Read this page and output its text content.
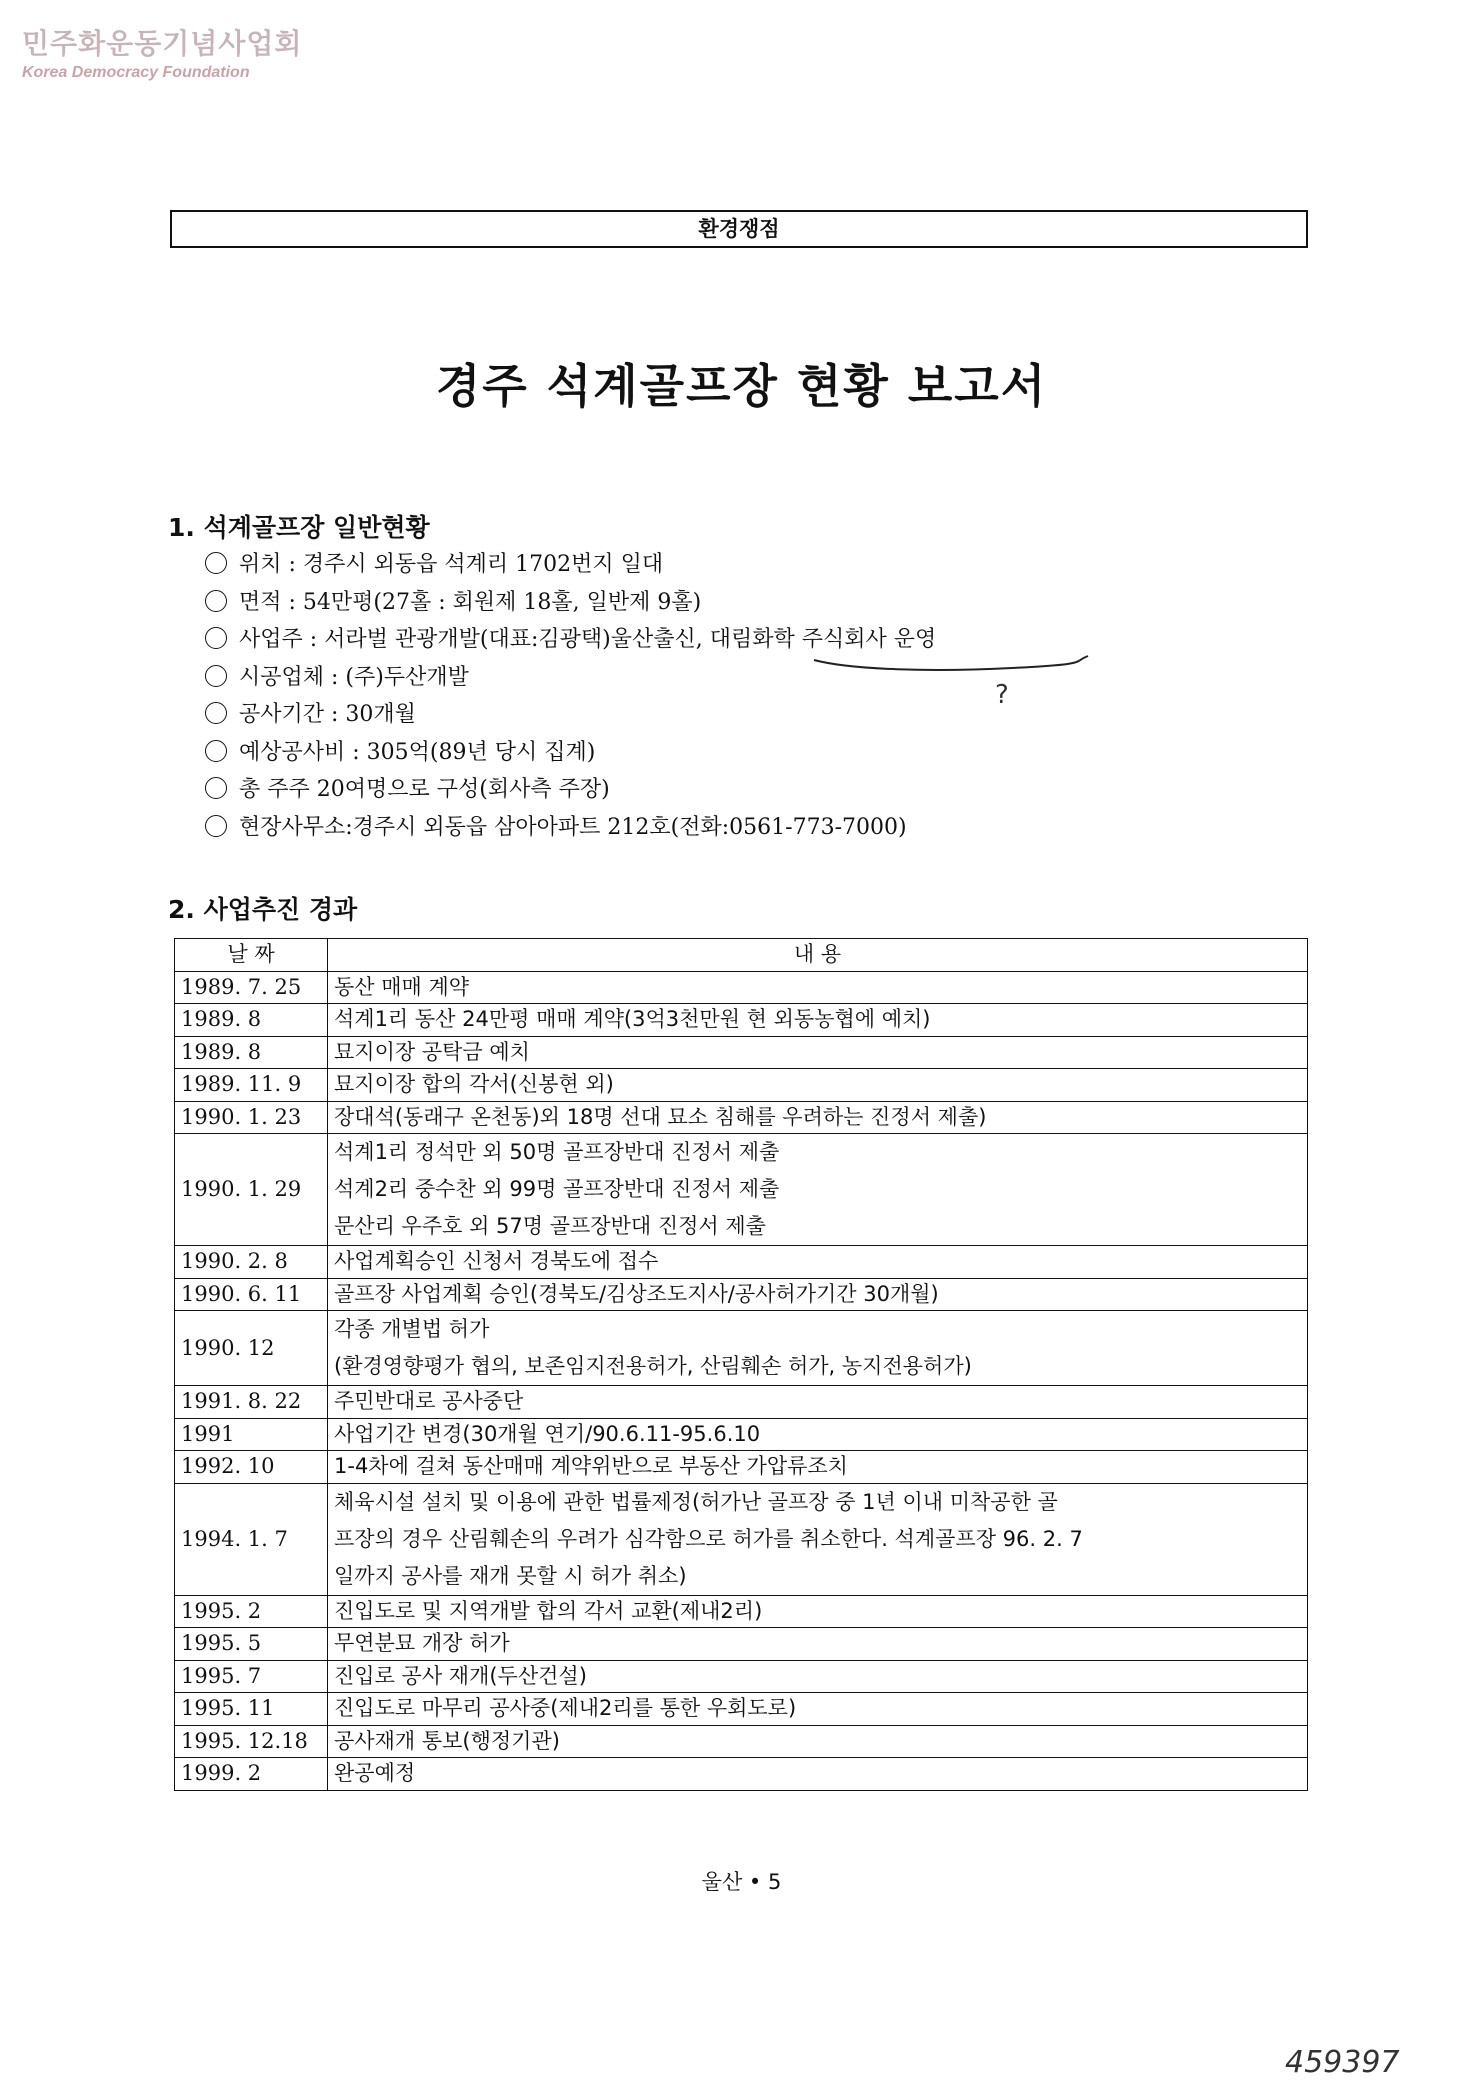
민주화운동기념사업회
Korea Democracy Foundation
환경쟁점
경주 석계골프장 현황 보고서
1. 석계골프장 일반현황
위치 : 경주시 외동읍 석계리 1702번지 일대
면적 : 54만평(27홀 : 회원제 18홀, 일반제 9홀)
사업주 : 서라벌 관광개발(대표:김광택)울산출신, 대림화학 주식회사 운영
시공업체 : (주)두산개발
공사기간 : 30개월
예상공사비 : 305억(89년 당시 집계)
총 주주 20여명으로 구성(회사측 주장)
현장사무소:경주시 외동읍 삼아아파트 212호(전화:0561-773-7000)
?
2. 사업추진 경과
날 짜	내 용
1989. 7. 25	동산 매매 계약
1989. 8	석계1리 동산 24만평 매매 계약(3억3천만원 현 외동농협에 예치)
1989. 8	묘지이장 공탁금 예치
1989. 11. 9	묘지이장 합의 각서(신봉현 외)
1990. 1. 23	장대석(동래구 온천동)외 18명 선대 묘소 침해를 우려하는 진정서 제출)
1990. 1. 29	석계1리 정석만 외 50명 골프장반대 진정서 제출
석계2리 중수찬 외 99명 골프장반대 진정서 제출
문산리 우주호 외 57명 골프장반대 진정서 제출

1990. 2. 8	사업계획승인 신청서 경북도에 접수
1990. 6. 11	골프장 사업계획 승인(경북도/김상조도지사/공사허가기간 30개월)
1990. 12	각종 개별법 허가
(환경영향평가 협의, 보존임지전용허가, 산림훼손 허가, 농지전용허가)

1991. 8. 22	주민반대로 공사중단
1991	사업기간 변경(30개월 연기/90.6.11-95.6.10
1992. 10	1-4차에 걸쳐 동산매매 계약위반으로 부동산 가압류조치
1994. 1. 7	체육시설 설치 및 이용에 관한 법률제정(허가난 골프장 중 1년 이내 미착공한 골
프장의 경우 산림훼손의 우려가 심각함으로 허가를 취소한다. 석계골프장 96. 2. 7
일까지 공사를 재개 못할 시 허가 취소)

1995. 2	진입도로 및 지역개발 합의 각서 교환(제내2리)
1995. 5	무연분묘 개장 허가
1995. 7	진입로 공사 재개(두산건설)
1995. 11	진입도로 마무리 공사중(제내2리를 통한 우회도로)
1995. 12.18	공사재개 통보(행정기관)
1999. 2	완공예정
울산 • 5
459397
